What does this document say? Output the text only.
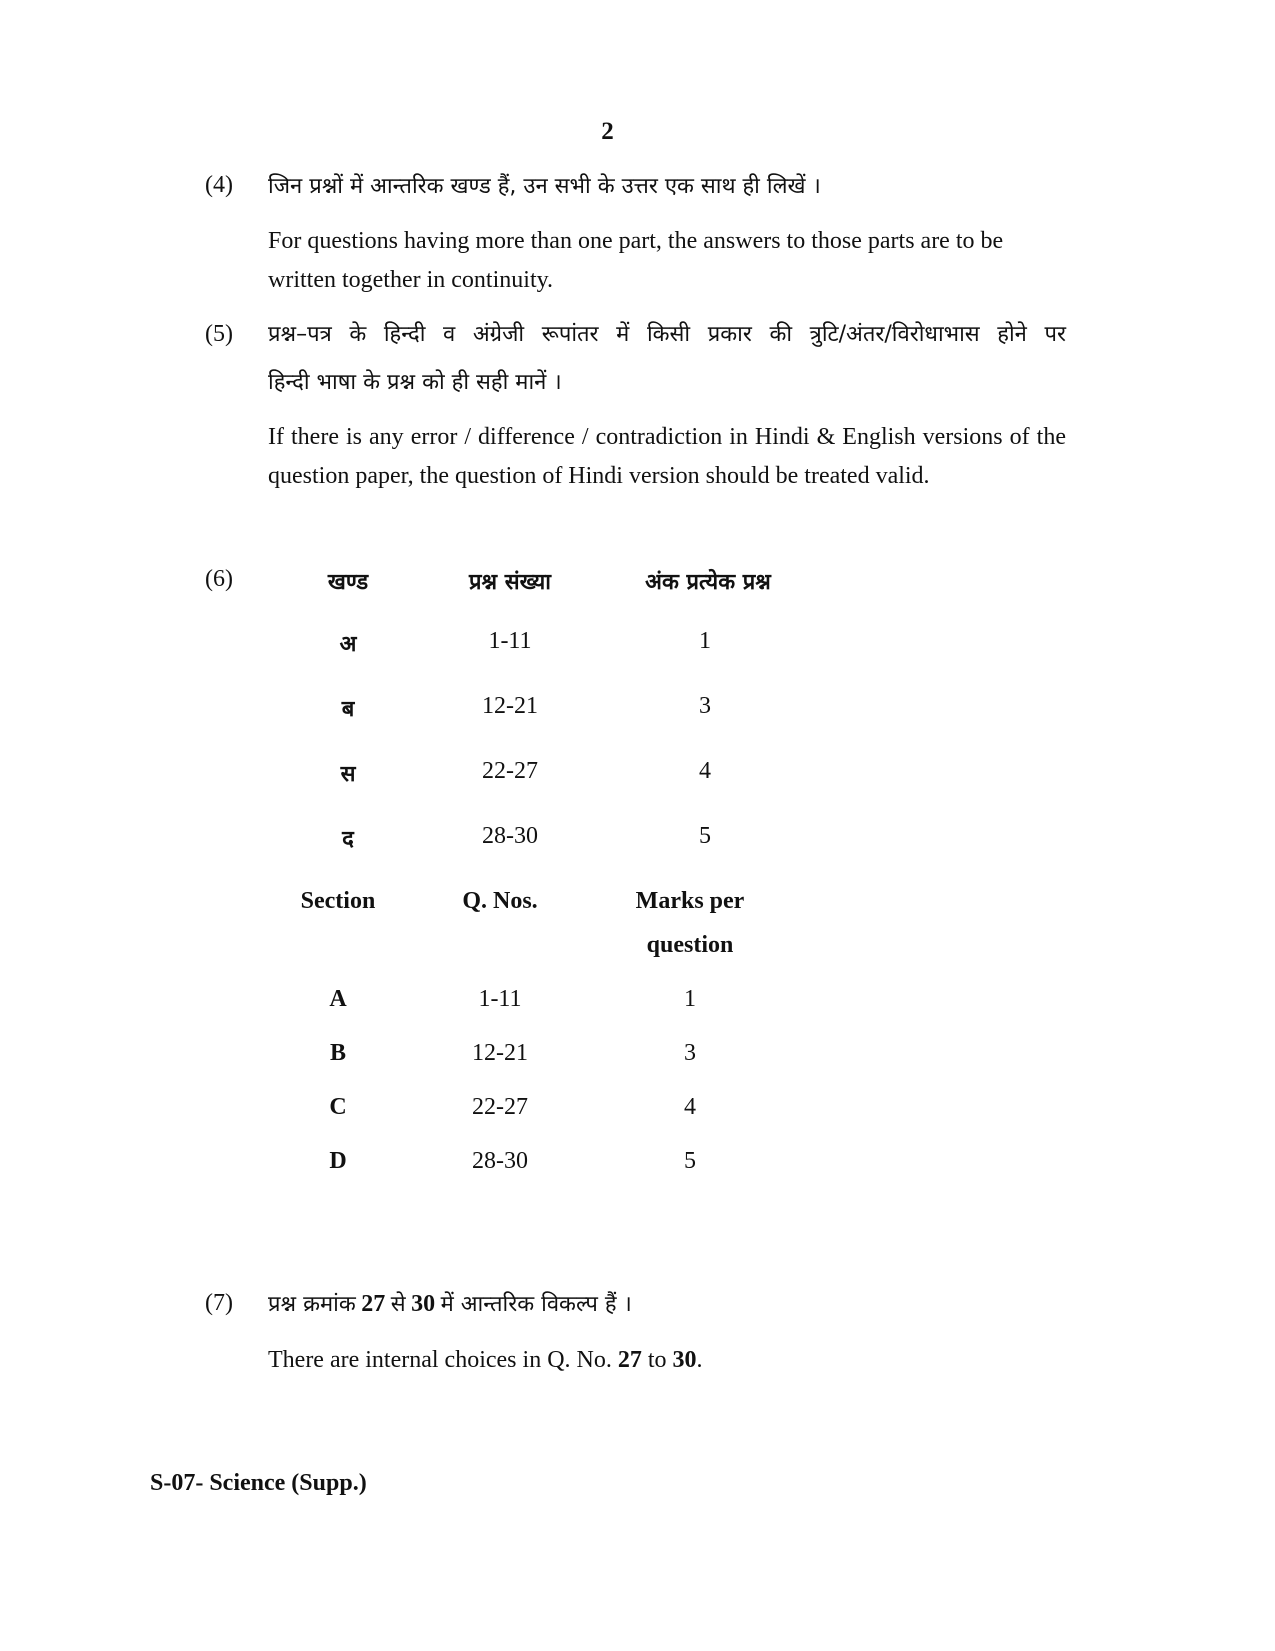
2
(4) जिन प्रश्नों में आन्तरिक खण्ड हैं, उन सभी के उत्तर एक साथ ही लिखें ।
For questions having more than one part, the answers to those parts are to be written together in continuity.
(5) प्रश्न–पत्र के हिन्दी व अंग्रेजी रूपांतर में किसी प्रकार की त्रुटि/अंतर/विरोधाभास होने पर
हिन्दी भाषा के प्रश्न को ही सही मानें ।
If there is any error / difference / contradiction in Hindi & English versions of the question paper, the question of Hindi version should be treated valid.
(6)	खण्ड	प्रश्न संख्या	अंक प्रत्येक प्रश्न
अ	1-11	1
ब	12-21	3
स	22-27	4
द	28-30	5
Section	Q. Nos.	Marks per
question
A	1-11	1
B	12-21	3
C	22-27	4
D	28-30	5
(7) प्रश्न क्रमांक 27 से 30 में आन्तरिक विकल्प हैं ।
There are internal choices in Q. No. 27 to 30.
S-07- Science (Supp.)
